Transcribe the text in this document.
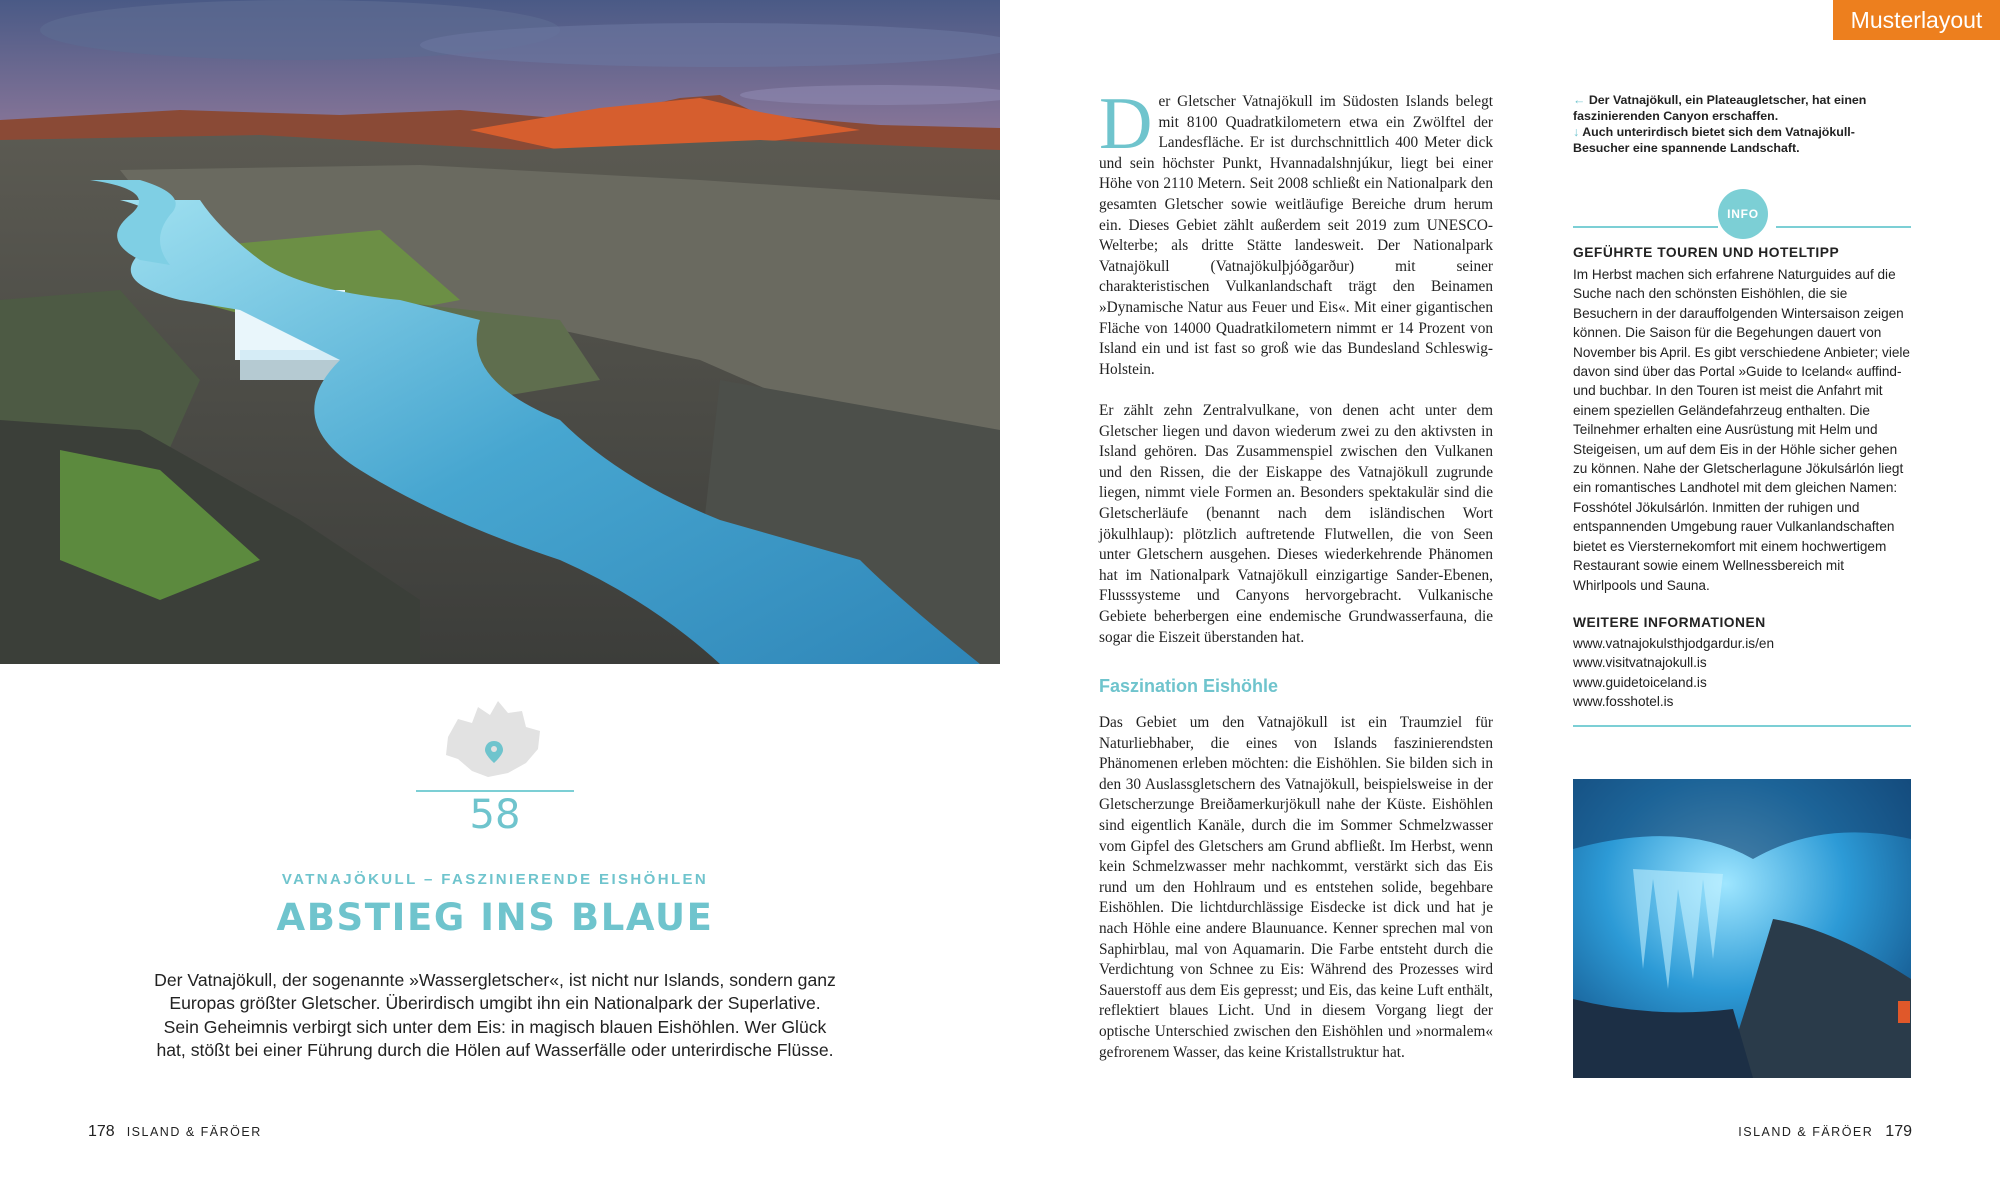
58
VATNAJÖKULL – FASZINIERENDE EISHÖHLEN
ABSTIEG INS BLAUE
Der Vatnajökull, der sogenannte »Wassergletscher«, ist nicht nur Islands, sondern ganz Europas größter Gletscher. Überirdisch umgibt ihn ein Nationalpark der Superlative. Sein Geheimnis verbirgt sich unter dem Eis: in magisch blauen Eishöhlen. Wer Glück hat, stößt bei einer Führung durch die Hölen auf Wasserfälle oder unterirdische Flüsse.
178 ISLAND & FÄRÖER
Musterlayout
Der Gletscher Vatnajökull im Südosten Islands belegt mit 8100 Quadratkilometern etwa ein Zwölftel der Landesfläche. Er ist durchschnittlich 400 Meter dick und sein höchster Punkt, Hvannadalshnjúkur, liegt bei einer Höhe von 2110 Metern. Seit 2008 schließt ein Nationalpark den gesamten Gletscher sowie weitläufige Bereiche drum herum ein. Dieses Gebiet zählt außerdem seit 2019 zum UNESCO-Welterbe; als dritte Stätte landesweit. Der Nationalpark Vatnajökull (Vatnajökulþjóðgarður) mit seiner charakteristischen Vulkanlandschaft trägt den Beinamen »Dynamische Natur aus Feuer und Eis«. Mit einer gigantischen Fläche von 14000 Quadratkilometern nimmt er 14 Prozent von Island ein und ist fast so groß wie das Bundesland Schleswig-Holstein.
Er zählt zehn Zentralvulkane, von denen acht unter dem Gletscher liegen und davon wiederum zwei zu den aktivsten in Island gehören. Das Zusammenspiel zwischen den Vulkanen und den Rissen, die der Eiskappe des Vatnajökull zugrunde liegen, nimmt viele Formen an. Besonders spektakulär sind die Gletscherläufe (benannt nach dem isländischen Wort jökulhlaup): plötzlich auftretende Flutwellen, die von Seen unter Gletschern ausgehen. Dieses wiederkehrende Phänomen hat im Nationalpark Vatnajökull einzigartige Sander-Ebenen, Flusssysteme und Canyons hervorgebracht. Vulkanische Gebiete beherbergen eine endemische Grundwasserfauna, die sogar die Eiszeit überstanden hat.
Faszination Eishöhle
Das Gebiet um den Vatnajökull ist ein Traumziel für Naturliebhaber, die eines von Islands faszinierendsten Phänomenen erleben möchten: die Eishöhlen. Sie bilden sich in den 30 Auslassgletschern des Vatnajökull, beispielsweise in der Gletscherzunge Breiðamerkurjökull nahe der Küste. Eishöhlen sind eigentlich Kanäle, durch die im Sommer Schmelzwasser vom Gipfel des Gletschers am Grund abfließt. Im Herbst, wenn kein Schmelzwasser mehr nachkommt, verstärkt sich das Eis rund um den Hohlraum und es entstehen solide, begehbare Eishöhlen. Die lichtdurchlässige Eisdecke ist dick und hat je nach Höhle eine andere Blaunuance. Kenner sprechen mal von Saphirblau, mal von Aquamarin. Die Farbe entsteht durch die Verdichtung von Schnee zu Eis: Während des Prozesses wird Sauerstoff aus dem Eis gepresst; und Eis, das keine Luft enthält, reflektiert blaues Licht. Und in diesem Vorgang liegt der optische Unterschied zwischen den Eishöhlen und »normalem« gefrorenem Wasser, das keine Kristallstruktur hat.
← Der Vatnajökull, ein Plateaugletscher, hat einen faszinierenden Canyon erschaffen.
↓ Auch unterirdisch bietet sich dem Vatnajökull-Besucher eine spannende Landschaft.
INFO
GEFÜHRTE TOUREN UND HOTELTIPP
Im Herbst machen sich erfahrene Naturguides auf die Suche nach den schönsten Eishöhlen, die sie Besuchern in der darauffolgenden Wintersaison zeigen können. Die Saison für die Begehungen dauert von November bis April. Es gibt verschiedene Anbieter; viele davon sind über das Portal »Guide to Iceland« auffind- und buchbar. In den Touren ist meist die Anfahrt mit einem speziellen Geländefahrzeug enthalten. Die Teilnehmer erhalten eine Ausrüstung mit Helm und Steigeisen, um auf dem Eis in der Höhle sicher gehen zu können. Nahe der Gletscherlagune Jökulsárlón liegt ein romantisches Landhotel mit dem gleichen Namen: Fosshótel Jökulsárlón. Inmitten der ruhigen und entspannenden Umgebung rauer Vulkanlandschaften bietet es Viersternekomfort mit einem hochwertigem Restaurant sowie einem Wellnessbereich mit Whirlpools und Sauna.
WEITERE INFORMATIONEN
www.vatnajokulsthjodgardur.is/en
www.visitvatnajokull.is
www.guidetoiceland.is
www.fosshotel.is
ISLAND & FÄRÖER 179
